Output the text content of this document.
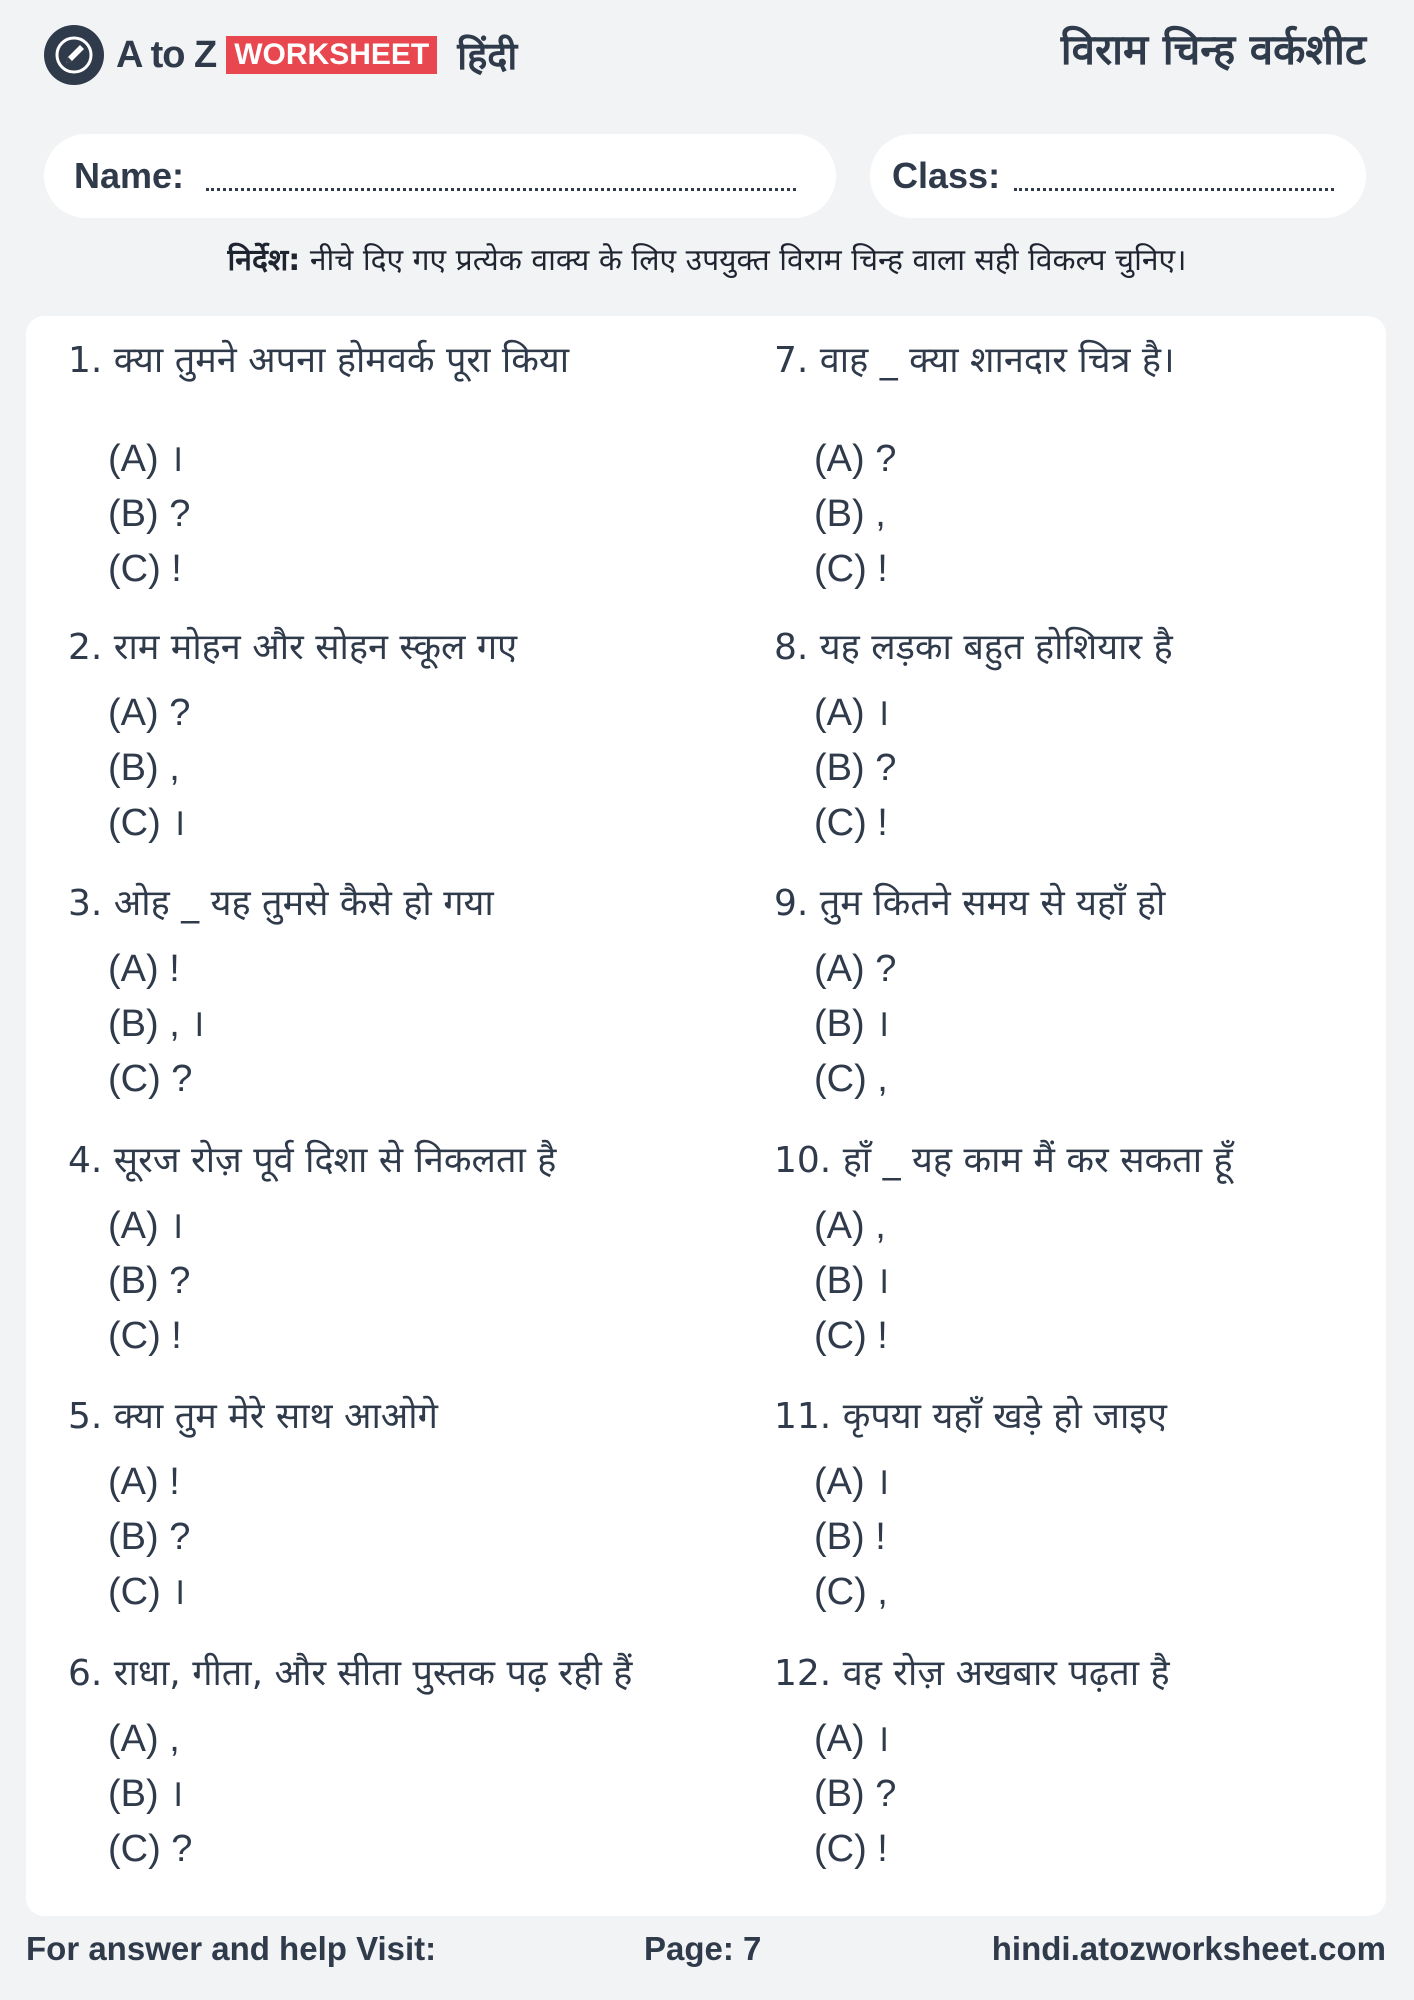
A to Z WORKSHEET हिंदी	विराम चिन्ह वर्कशीट
Name:	Class:
निर्देश: नीचे दिए गए प्रत्येक वाक्य के लिए उपयुक्त विराम चिन्ह वाला सही विकल्प चुनिए।
1. क्या तुमने अपना होमवर्क पूरा किया
(A) ।
(B) ?
(C) !
2. राम मोहन और सोहन स्कूल गए
(A) ?
(B) ,
(C) ।
3. ओह _ यह तुमसे कैसे हो गया
(A) !
(B) , ।
(C) ?
4. सूरज रोज़ पूर्व दिशा से निकलता है
(A) ।
(B) ?
(C) !
5. क्या तुम मेरे साथ आओगे
(A) !
(B) ?
(C) ।
6. राधा, गीता, और सीता पुस्तक पढ़ रही हैं
(A) ,
(B) ।
(C) ?
7. वाह _ क्या शानदार चित्र है।
(A) ?
(B) ,
(C) !
8. यह लड़का बहुत होशियार है
(A) ।
(B) ?
(C) !
9. तुम कितने समय से यहाँ हो
(A) ?
(B) ।
(C) ,
10. हाँ _ यह काम मैं कर सकता हूँ
(A) ,
(B) ।
(C) !
11. कृपया यहाँ खड़े हो जाइए
(A) ।
(B) !
(C) ,
12. वह रोज़ अखबार पढ़ता है
(A) ।
(B) ?
(C) !
For answer and help Visit:	Page: 7	hindi.atozworksheet.com
